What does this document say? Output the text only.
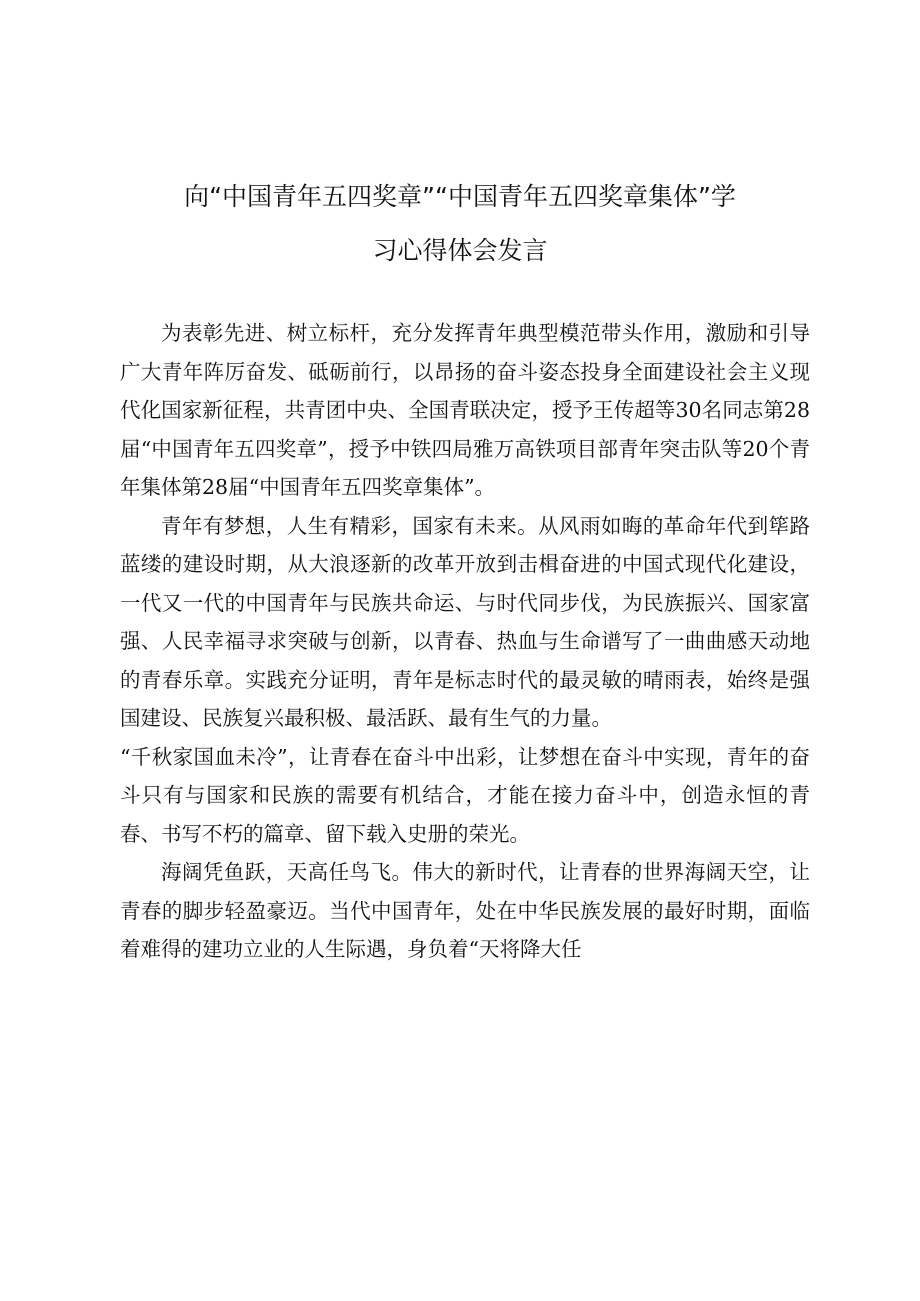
向“中国青年五四奖章”“中国青年五四奖章集体”学
习心得体会发言

为表彰先进、树立标杆，充分发挥青年典型模范带头作用，激励和引导广大青年阵厉奋发、砥砺前行，以昂扬的奋斗姿态投身全面建设社会主义现代化国家新征程，共青团中央、全国青联决定，授予王传超等30名同志第28届“中国青年五四奖章”，授予中铁四局雅万高铁项目部青年突击队等20个青年集体第28届“中国青年五四奖章集体”。

青年有梦想，人生有精彩，国家有未来。从风雨如晦的革命年代到筚路蓝缕的建设时期，从大浪逐新的改革开放到击楫奋进的中国式现代化建设，一代又一代的中国青年与民族共命运、与时代同步伐，为民族振兴、国家富强、人民幸福寻求突破与创新，以青春、热血与生命谱写了一曲曲感天动地的青春乐章。实践充分证明，青年是标志时代的最灵敏的晴雨表，始终是强国建设、民族复兴最积极、最活跃、最有生气的力量。

“千秋家国血未冷”，让青春在奋斗中出彩，让梦想在奋斗中实现，青年的奋斗只有与国家和民族的需要有机结合，才能在接力奋斗中，创造永恒的青春、书写不朽的篇章、留下载入史册的荣光。

海阔凭鱼跃，天高任鸟飞。伟大的新时代，让青春的世界海阔天空，让青春的脚步轻盈豪迈。当代中国青年，处在中华民族发展的最好时期，面临着难得的建功立业的人生际遇，身负着“天将降大任
